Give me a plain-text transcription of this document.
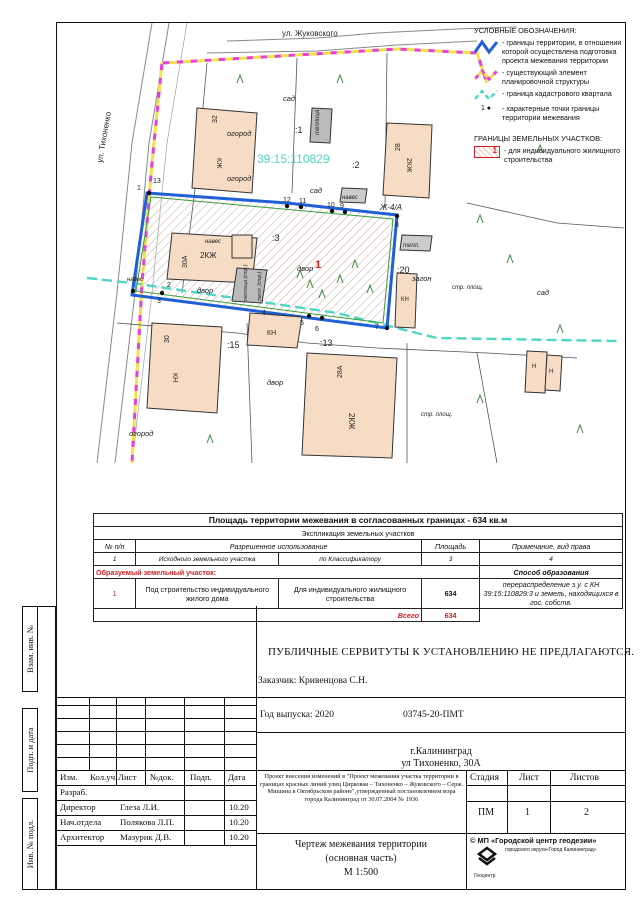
ул. Жуковского
ул. Тихоненко	39:15:110829
1
Ж-4/А
2
1
3
4
5
6	7
8
9
10
11
12
13
:1
:2
:3
:15	:13
:20
КЖ
2КЖ
КН
2КЖ
КН
2КЖ
КН
Н
Н
32
30А
30
28А
28
огород
сад
двор
двор
двор
огород
огород
сад
сад
загон
теплица
навес
навес
навес
тепл.
стр. площ.
стр. площ.
теплица (стр.) тепл. (стр.)
УСЛОВНЫЕ ОБОЗНАЧЕНИЯ:
- границы территории, в отношении которой осуществлена подготовка проекта межевания территории
- существующий элемент планировочной структуры
- граница кадастрового квартала
1 ●	- характерные точки границы территории межевания
ГРАНИЦЫ ЗЕМЕЛЬНЫХ УЧАСТКОВ:
1 - для индивидуального жилищного строительства
Площадь территории межевания в согласованных границах - 634 кв.м				
Экспликация земельных участков				
№ п/п	Разрешенное использование		Площадь	Примечание, вид права
1	Исходного земельного участка	по Классификатору	3	4
Образуемый земельный участок:				Способ образования
1	Под строительство индивидуального жилого дома	Для индивидуального жилищного строительства	634	перераспределение з.у. с КН 39:15:110829:3 и земель, находящихся в гос. собств.
Всего			634	
ПУБЛИЧНЫЕ СЕРВИТУТЫ К УСТАНОВЛЕНИЮ НЕ ПРЕДЛАГАЮТСЯ.
Заказчик: Кривенцова С.Н.
Взам. инв. №
Подп. и дата
Инв. № подл.
Изм. Кол.уч. Лист №док. Подп. Дата
Разраб.
Директор	Глеза Л.И.	10.20
Нач.отдела Полякова Л.П.	10.20
Архитектор Мазурик Д.В.	10.20
Год выпуска: 2020	03745-20-ПМТ
г.Калининград
ул Тихоненко, 30А
Проект внесения изменений в "Проект межевания участка территории в границах красных линий улиц Цирковая – Тихоненко – Жуковского – Серж. Мишина в Октябрьском районе",утвержденный постановлением мэра города Калининград от 30.07.2004 № 1936
Стадия Лист	Листов
ПМ	1	2
Чертеж межевания территории
(основная часть)
М 1:500
© МП «Городской центр геодезии»
городского округа«Город Калининград»
Геоцентр
